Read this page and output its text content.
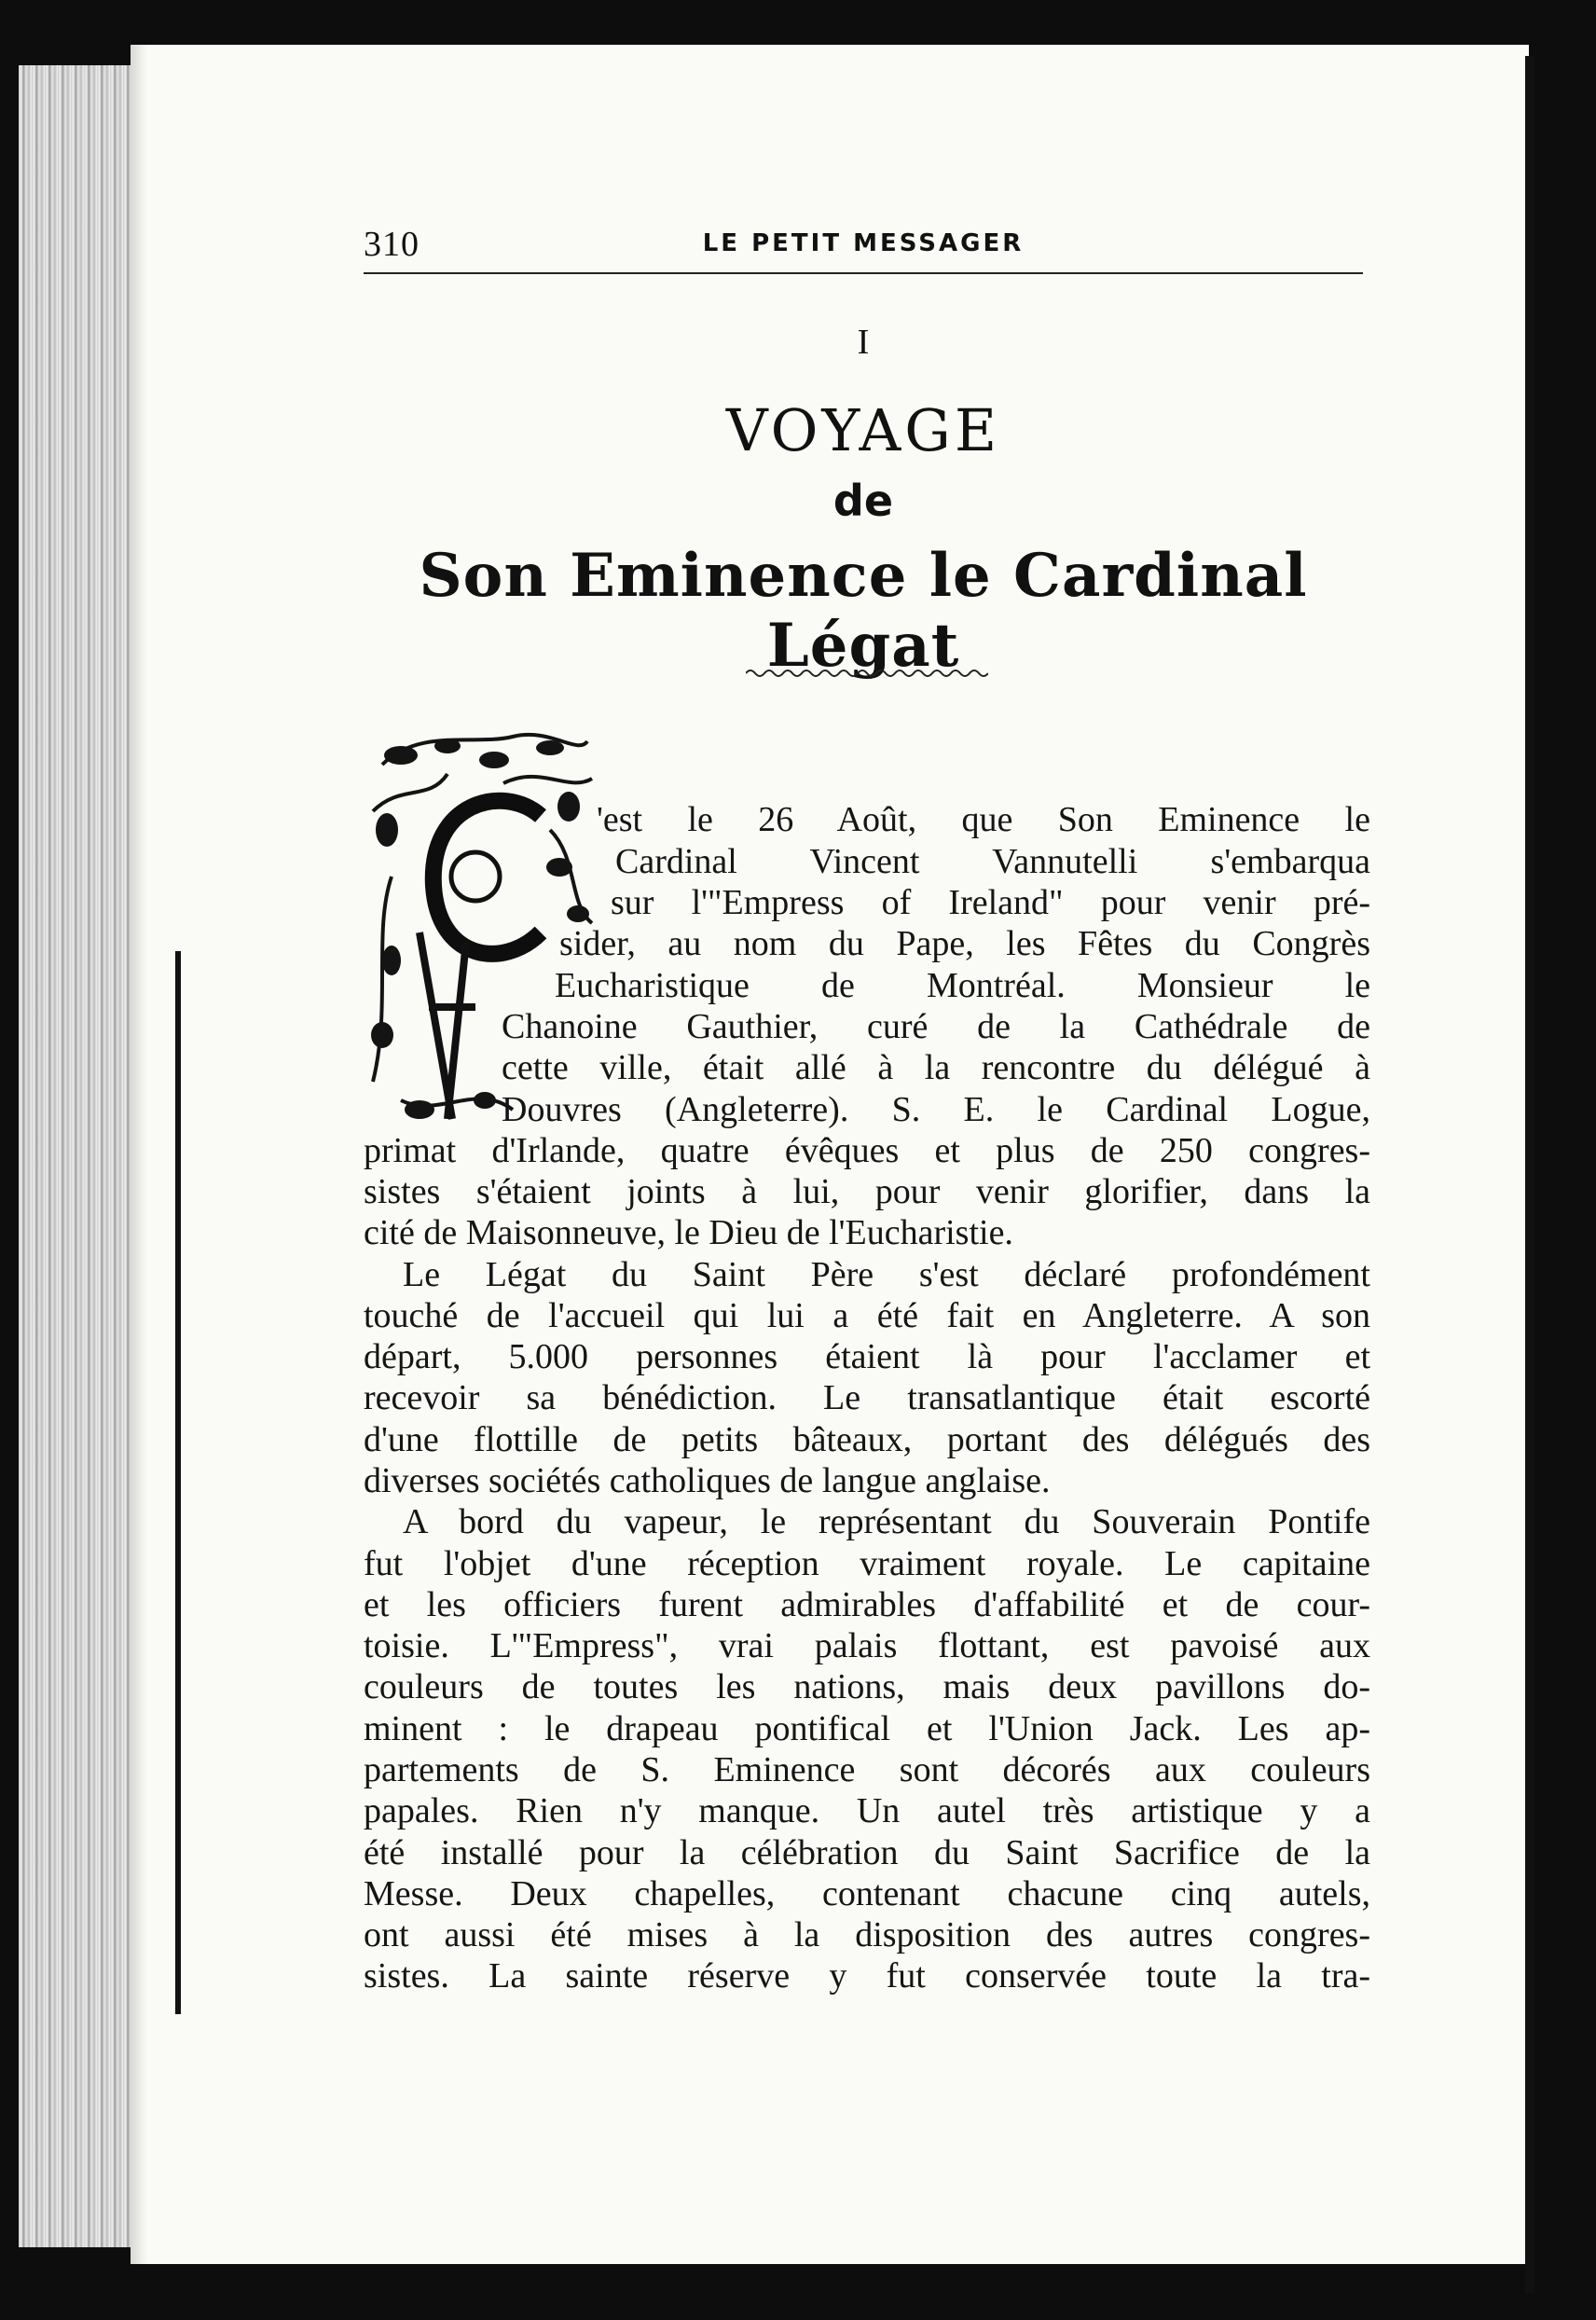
310	LE PETIT MESSAGER
I
VOYAGE
de
Son Eminence le Cardinal Légat
'est le 26 Août, que Son Eminence le
Cardinal Vincent Vannutelli s'embarqua
sur l'"Empress of Ireland" pour venir pré-
sider, au nom du Pape, les Fêtes du Congrès
Eucharistique de Montréal. Monsieur le
Chanoine Gauthier, curé de la Cathédrale de
cette ville, était allé à la rencontre du délégué à
Douvres (Angleterre). S. E. le Cardinal Logue,
primat d'Irlande, quatre évêques et plus de 250 congres-
sistes s'étaient joints à lui, pour venir glorifier, dans la
cité de Maisonneuve, le Dieu de l'Eucharistie.
Le Légat du Saint Père s'est déclaré profondément
touché de l'accueil qui lui a été fait en Angleterre. A son
départ, 5.000 personnes étaient là pour l'acclamer et
recevoir sa bénédiction. Le transatlantique était escorté
d'une flottille de petits bâteaux, portant des délégués des
diverses sociétés catholiques de langue anglaise.
A bord du vapeur, le représentant du Souverain Pontife
fut l'objet d'une réception vraiment royale. Le capitaine
et les officiers furent admirables d'affabilité et de cour-
toisie. L'"Empress", vrai palais flottant, est pavoisé aux
couleurs de toutes les nations, mais deux pavillons do-
minent : le drapeau pontifical et l'Union Jack. Les ap-
partements de S. Eminence sont décorés aux couleurs
papales. Rien n'y manque. Un autel très artistique y a
été installé pour la célébration du Saint Sacrifice de la
Messe. Deux chapelles, contenant chacune cinq autels,
ont aussi été mises à la disposition des autres congres-
sistes. La sainte réserve y fut conservée toute la tra-
